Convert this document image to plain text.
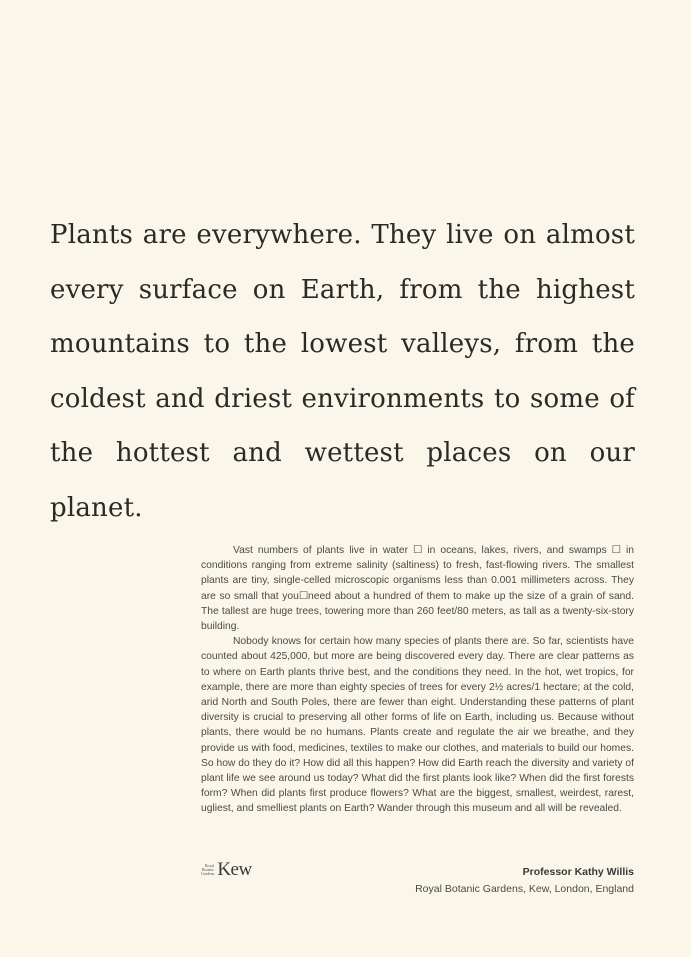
Plants are everywhere. They live on almost every surface on Earth, from the highest mountains to the lowest valleys, from the coldest and driest environments to some of the hottest and wettest places on our planet.

Vast numbers of plants live in water ☐ in oceans, lakes, rivers, and swamps ☐ in conditions ranging from extreme salinity (saltiness) to fresh, fast-flowing rivers. The smallest plants are tiny, single-celled microscopic organisms less than 0.001 millimeters across. They are so small that you☐need about a hundred of them to make up the size of a grain of sand. The tallest are huge trees, towering more than 260 feet/80 meters, as tall as a twenty-six-story building.

Nobody knows for certain how many species of plants there are. So far, scientists have counted about 425,000, but more are being discovered every day. There are clear patterns as to where on Earth plants thrive best, and the conditions they need. In the hot, wet tropics, for example, there are more than eighty species of trees for every 2½ acres/1 hectare; at the cold, arid North and South Poles, there are fewer than eight. Understanding these patterns of plant diversity is crucial to preserving all other forms of life on Earth, including us. Because without plants, there would be no humans. Plants create and regulate the air we breathe, and they provide us with food, medicines, textiles to make our clothes, and materials to build our homes. So how do they do it? How did all this happen? How did Earth reach the diversity and variety of plant life we see around us today? What did the first plants look like? When did the first forests form? When did plants first produce flowers? What are the biggest, smallest, weirdest, rarest, ugliest, and smelliest plants on Earth? Wander through this museum and all will be revealed.

Royal
Botanic
Gardens Kew	Professor Kathy Willis
Royal Botanic Gardens, Kew, London, England
